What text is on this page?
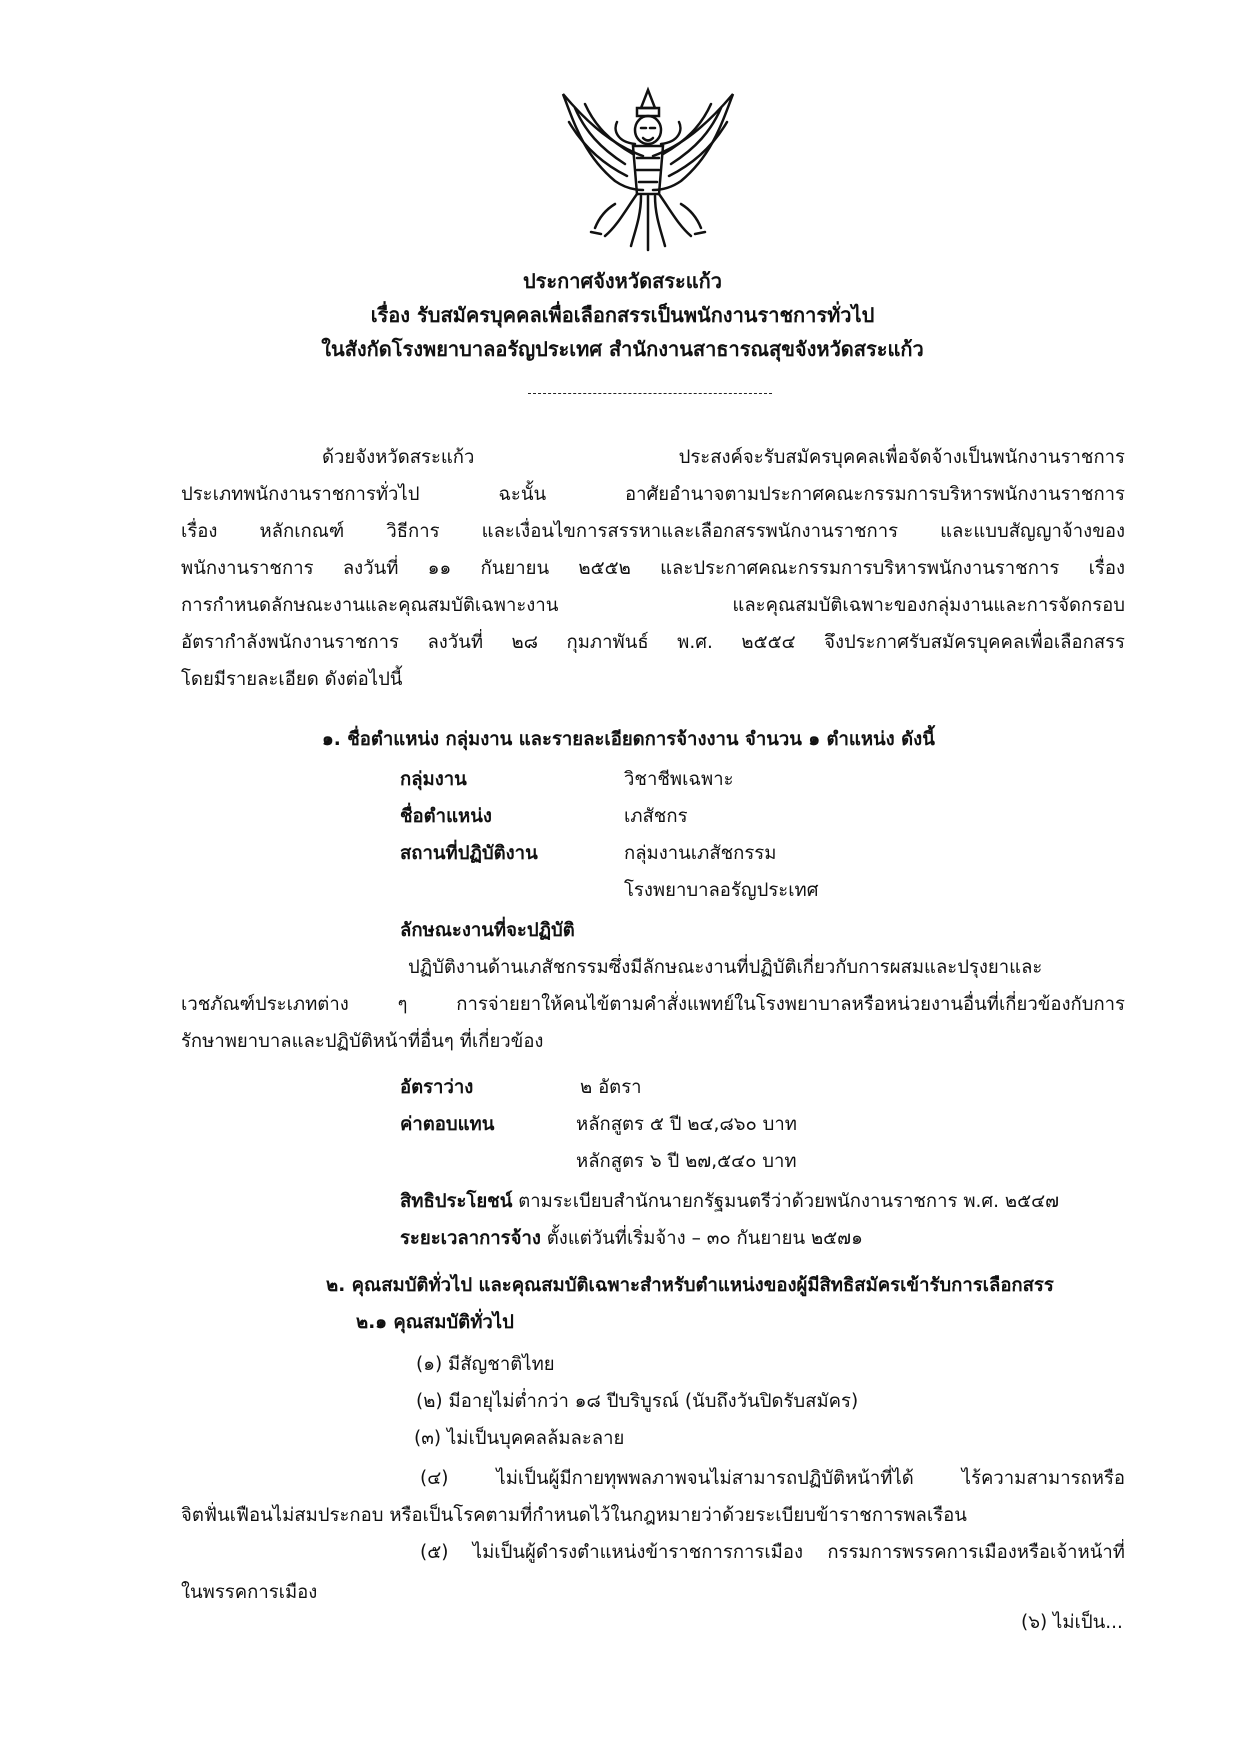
ประกาศจังหวัดสระแก้ว
เรื่อง รับสมัครบุคคลเพื่อเลือกสรรเป็นพนักงานราชการทั่วไป
ในสังกัดโรงพยาบาลอรัญประเทศ สำนักงานสาธารณสุขจังหวัดสระแก้ว
ด้วยจังหวัดสระแก้ว ประสงค์จะรับสมัครบุคคลเพื่อจัดจ้างเป็นพนักงานราชการ
ประเภทพนักงานราชการทั่วไป ฉะนั้น อาศัยอำนาจตามประกาศคณะกรรมการบริหารพนักงานราชการ
เรื่อง หลักเกณฑ์ วิธีการ และเงื่อนไขการสรรหาและเลือกสรรพนักงานราชการ และแบบสัญญาจ้างของ
พนักงานราชการ ลงวันที่ ๑๑ กันยายน ๒๕๕๒ และประกาศคณะกรรมการบริหารพนักงานราชการ เรื่อง
การกำหนดลักษณะงานและคุณสมบัติเฉพาะงาน และคุณสมบัติเฉพาะของกลุ่มงานและการจัดกรอบ
อัตรากำลังพนักงานราชการ ลงวันที่ ๒๘ กุมภาพันธ์ พ.ศ. ๒๕๕๔ จึงประกาศรับสมัครบุคคลเพื่อเลือกสรร
โดยมีรายละเอียด ดังต่อไปนี้
๑. ชื่อตำแหน่ง กลุ่มงาน และรายละเอียดการจ้างงาน จำนวน ๑ ตำแหน่ง ดังนี้
กลุ่มงาน	วิชาชีพเฉพาะ
ชื่อตำแหน่ง	เภสัชกร
สถานที่ปฏิบัติงาน	กลุ่มงานเภสัชกรรม
โรงพยาบาลอรัญประเทศ
ลักษณะงานที่จะปฏิบัติ
ปฏิบัติงานด้านเภสัชกรรมซึ่งมีลักษณะงานที่ปฏิบัติเกี่ยวกับการผสมและปรุงยาและ
เวชภัณฑ์ประเภทต่าง ๆ การจ่ายยาให้คนไข้ตามคำสั่งแพทย์ในโรงพยาบาลหรือหน่วยงานอื่นที่เกี่ยวข้องกับการ
รักษาพยาบาลและปฏิบัติหน้าที่อื่นๆ ที่เกี่ยวข้อง
อัตราว่าง	๒ อัตรา
ค่าตอบแทน	หลักสูตร ๕ ปี ๒๔,๘๖๐ บาท
หลักสูตร ๖ ปี ๒๗,๕๔๐ บาท
สิทธิประโยชน์ ตามระเบียบสำนักนายกรัฐมนตรีว่าด้วยพนักงานราชการ พ.ศ. ๒๕๔๗
ระยะเวลาการจ้าง ตั้งแต่วันที่เริ่มจ้าง – ๓๐ กันยายน ๒๕๗๑
๒. คุณสมบัติทั่วไป และคุณสมบัติเฉพาะสำหรับตำแหน่งของผู้มีสิทธิสมัครเข้ารับการเลือกสรร
๒.๑ คุณสมบัติทั่วไป
(๑) มีสัญชาติไทย
(๒) มีอายุไม่ต่ำกว่า ๑๘ ปีบริบูรณ์ (นับถึงวันปิดรับสมัคร)
(๓) ไม่เป็นบุคคลล้มละลาย
(๔) ไม่เป็นผู้มีกายทุพพลภาพจนไม่สามารถปฏิบัติหน้าที่ได้ ไร้ความสามารถหรือ
จิตฟั่นเฟือนไม่สมประกอบ หรือเป็นโรคตามที่กำหนดไว้ในกฎหมายว่าด้วยระเบียบข้าราชการพลเรือน
(๕) ไม่เป็นผู้ดำรงตำแหน่งข้าราชการการเมือง กรรมการพรรคการเมืองหรือเจ้าหน้าที่
ในพรรคการเมือง
(๖) ไม่เป็น...
